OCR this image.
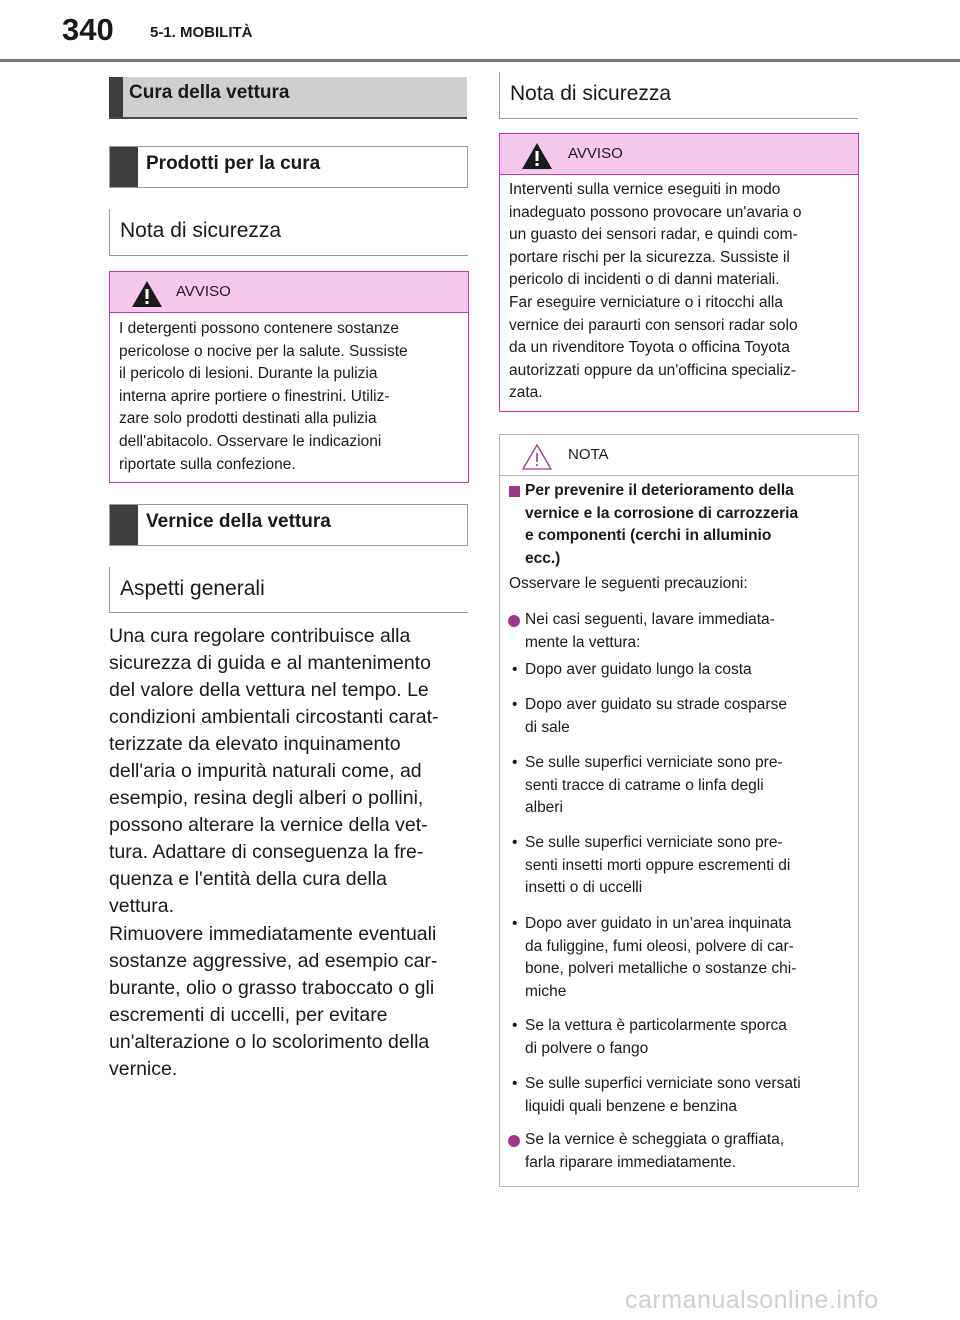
340 5-1. MOBILITÀ
Cura della vettura
Prodotti per la cura
Nota di sicurezza
AVVISO
I detergenti possono contenere sostanze
pericolose o nocive per la salute. Sussiste
il pericolo di lesioni. Durante la pulizia
interna aprire portiere o finestrini. Utiliz-
zare solo prodotti destinati alla pulizia
dell'abitacolo. Osservare le indicazioni
riportate sulla confezione.
Vernice della vettura
Aspetti generali
Una cura regolare contribuisce alla
sicurezza di guida e al mantenimento
del valore della vettura nel tempo. Le
condizioni ambientali circostanti carat-
terizzate da elevato inquinamento
dell'aria o impurità naturali come, ad
esempio, resina degli alberi o pollini,
possono alterare la vernice della vet-
tura. Adattare di conseguenza la fre-
quenza e l'entità della cura della
vettura.
Rimuovere immediatamente eventuali
sostanze aggressive, ad esempio car-
burante, olio o grasso traboccato o gli
escrementi di uccelli, per evitare
un'alterazione o lo scolorimento della
vernice.
Nota di sicurezza
AVVISO
Interventi sulla vernice eseguiti in modo
inadeguato possono provocare un'avaria o
un guasto dei sensori radar, e quindi com-
portare rischi per la sicurezza. Sussiste il
pericolo di incidenti o di danni materiali.
Far eseguire verniciature o i ritocchi alla
vernice dei paraurti con sensori radar solo
da un rivenditore Toyota o officina Toyota
autorizzati oppure da un'officina specializ-
zata.
NOTA
Per prevenire il deterioramento della
vernice e la corrosione di carrozzeria
e componenti (cerchi in alluminio
ecc.)
Osservare le seguenti precauzioni:
Nei casi seguenti, lavare immediata-
mente la vettura:
• Dopo aver guidato lungo la costa
• Dopo aver guidato su strade cosparse
di sale
• Se sulle superfici verniciate sono pre-
senti tracce di catrame o linfa degli
alberi
• Se sulle superfici verniciate sono pre-
senti insetti morti oppure escrementi di
insetti o di uccelli
• Dopo aver guidato in un’area inquinata
da fuliggine, fumi oleosi, polvere di car-
bone, polveri metalliche o sostanze chi-
miche
• Se la vettura è particolarmente sporca
di polvere o fango
• Se sulle superfici verniciate sono versati
liquidi quali benzene e benzina
Se la vernice è scheggiata o graffiata,
farla riparare immediatamente.
carmanualsonline.info
